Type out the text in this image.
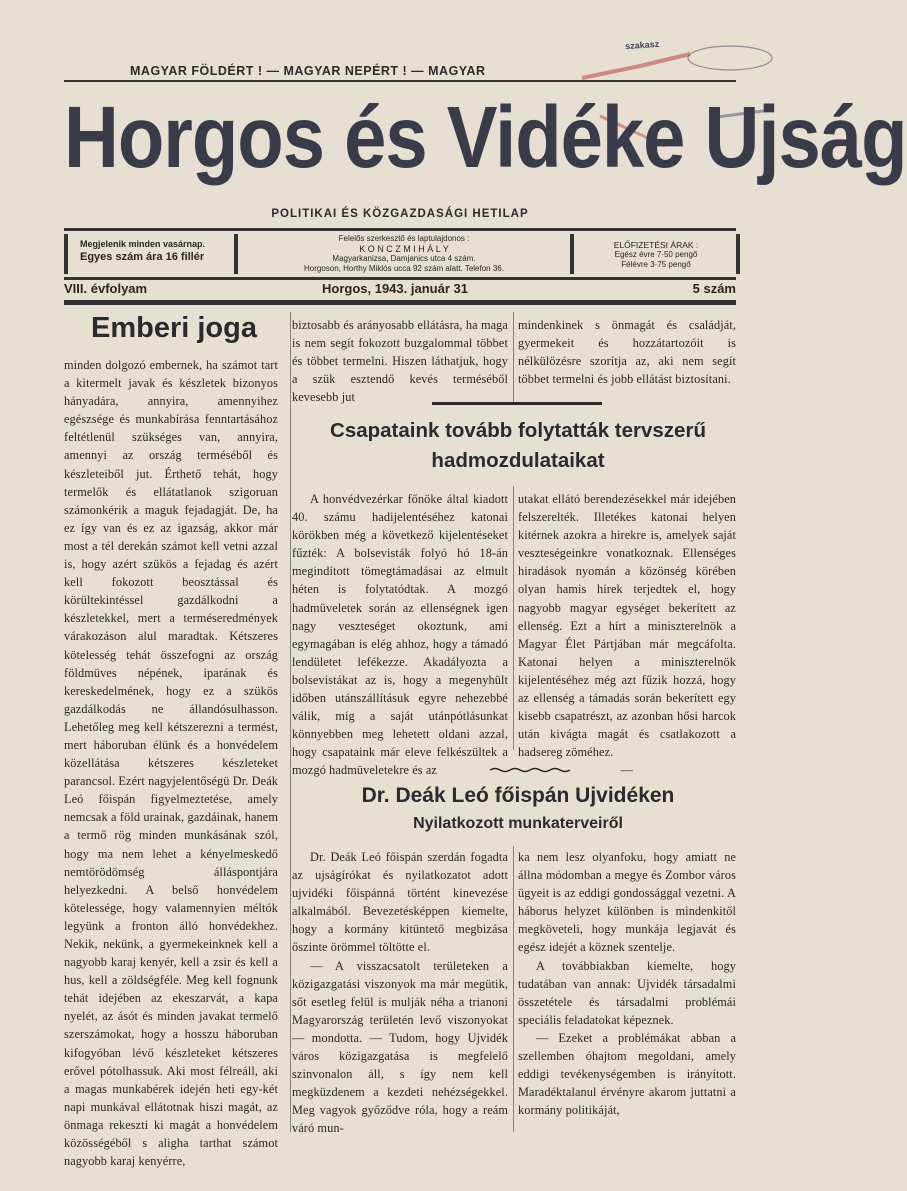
MAGYAR FÖLDÉRT ! — MAGYAR NEPÉRT ! — MAGYAR
szakasz
Horgos és Vidéke Ujság
POLITIKAI ÉS KÖZGAZDASÁGI HETILAP
Megjelenik minden vasárnap.
Egyes szám ára 16 fillér
Felelős szerkesztő és laptulajdonos :
K O N C Z M I H Á L Y
Magyarkanizsa, Damjanics utca 4 szám.
Horgoson, Horthy Miklós ucca 92 szám alatt. Telefon 36.
ELŐFIZETÉSI ÁRAK :
Egész évre 7·50 pengő
Félévre 3·75 pengő
VIII. évfolyam	Horgos, 1943. január 31	5 szám
Emberi joga

minden dolgozó embernek, ha számot tart a kitermelt javak és készletek bizonyos hányadára, annyira, amennyihez egészsége és munkabírása fenntartásához feltétlenül szükséges van, annyira, amennyi az ország terméséből és készleteiből jut. Érthető tehát, hogy termelők és ellátatlanok szigoruan számonkérik a maguk fejadagját. De, ha ez így van és ez az igazság, akkor már most a tél derekán számot kell vetni azzal is, hogy azért szükös a fejadag és azért kell fokozott beosztással és körültekintéssel gazdálkodni a készletekkel, mert a terméseredmények várakozáson alul maradtak. Kétszeres kötelesség tehát összefogni az ország földmüves népének, iparának és kereskedelmének, hogy ez a szükös gazdálkodás ne állandósulhasson. Lehetőleg meg kell kétszerezni a termést, mert háboruban élünk és a honvédelem közellátása kétszeres készleteket parancsol. Ezért nagyjelentőségü Dr. Deák Leó főispán figyelmeztetése, amely nemcsak a föld urainak, gazdáinak, hanem a termő rög minden munkásának szól, hogy ma nem lehet a kényelmeskedő nemtörödömség álláspontjára helyezkedni. A belső honvédelem kötelessége, hogy valamennyien méltók legyünk a fronton álló honvédekhez. Nekik, nekünk, a gyermekeinknek kell a nagyobb karaj kenyér, kell a zsir és kell a hus, kell a zöldségféle. Meg kell fognunk tehát idejében az ekeszarvát, a kapa nyelét, az ásót és minden javakat termelő szerszámokat, hogy a hosszu háboruban kifogyóban lévő készleteket kétszeres erővel pótolhassuk. Aki most félreáll, aki a magas munkabérek idején heti egy-két napi munkával ellátotnak hiszi magát, az önmaga rekeszti ki magát a honvédelem közösségéből s aligha tarthat számot nagyobb karaj kenyérre,

biztosabb és arányosabb ellátásra, ha maga is nem segít fokozott buzgalommal többet és többet termelni. Hiszen láthatjuk, hogy a szük esztendő kevés terméséből kevesebb jut

mindenkinek s önmagát és családját, gyermekeit és hozzátartozóit is nélkülözésre szorítja az, aki nem segít többet termelni és jobb ellátást biztosítani.

Csapataink tovább folytatták tervszerű hadmozdulataikat

A honvédvezérkar főnöke által kiadott 40. számu hadijelentéséhez katonai körökben még a következő kijelentéseket fűzték: A bolsevisták folyó hó 18-án megindított tömegtámadásai az elmult héten is folytatódtak. A mozgó hadmüveletek során az ellenségnek igen nagy veszteséget okoztunk, ami egymagában is elég ahhoz, hogy a támadó lendületet lefékezze. Akadályozta a bolsevistákat az is, hogy a megenyhült időben utánszállításuk egyre nehezebbé válik, míg a saját utánpótlásunkat könnyebben meg lehetett oldani azzal, hogy csapataink már eleve felkészültek a mozgó hadmüveletekre és az

utakat ellátó berendezésekkel már idejében felszerelték. Illetékes katonai helyen kitérnek azokra a hirekre is, amelyek saját veszteségeinkre vonatkoznak. Ellenséges hiradások nyomán a közönség körében olyan hamis hirek terjedtek el, hogy nagyobb magyar egységet bekerített az ellenség. Ezt a hírt a miniszterelnök a Magyar Élet Pártjában már megcáfolta. Katonai helyen a miniszterelnök kijelentéséhez még azt fűzik hozzá, hogy az ellenség a támadás során bekerített egy kisebb csapatrészt, az azonban hősi harcok után kivágta magát és csatlakozott a hadsereg zöméhez.

—

Dr. Deák Leó főispán Ujvidéken
Nyilatkozott munkaterveiről

Dr. Deák Leó főispán szerdán fogadta az ujságírókat és nyilatkozatot adott ujvidéki főispánná történt kinevezése alkalmából. Bevezetésképpen kiemelte, hogy a kormány kitüntető megbizása őszinte örömmel töltötte el.

— A visszacsatolt területeken a közigazgatási viszonyok ma már megütik, sőt esetleg felül is mulják néha a trianoni Magyarország területén levő viszonyokat — mondotta. — Tudom, hogy Ujvidék város közigazgatása is megfelelő szinvonalon áll, s így nem kell megküzdenem a kezdeti nehézségekkel. Meg vagyok győződve róla, hogy a reám váró mun-

ka nem lesz olyanfoku, hogy amiatt ne állna módomban a megye és Zombor város ügyeit is az eddigi gondossággal vezetni. A háborus helyzet különben is mindenkitől megköveteli, hogy munkája legjavát és egész idejét a köznek szentelje.

A továbbiakban kiemelte, hogy tudatában van annak: Ujvidék társadalmi összetétele és társadalmi problémái speciális feladatokat képeznek.

— Ezeket a problémákat abban a szellemben óhajtom megoldani, amely eddigi tevékenységemben is irányított. Maradéktalanul érvényre akarom juttatni a kormány politikáját,
